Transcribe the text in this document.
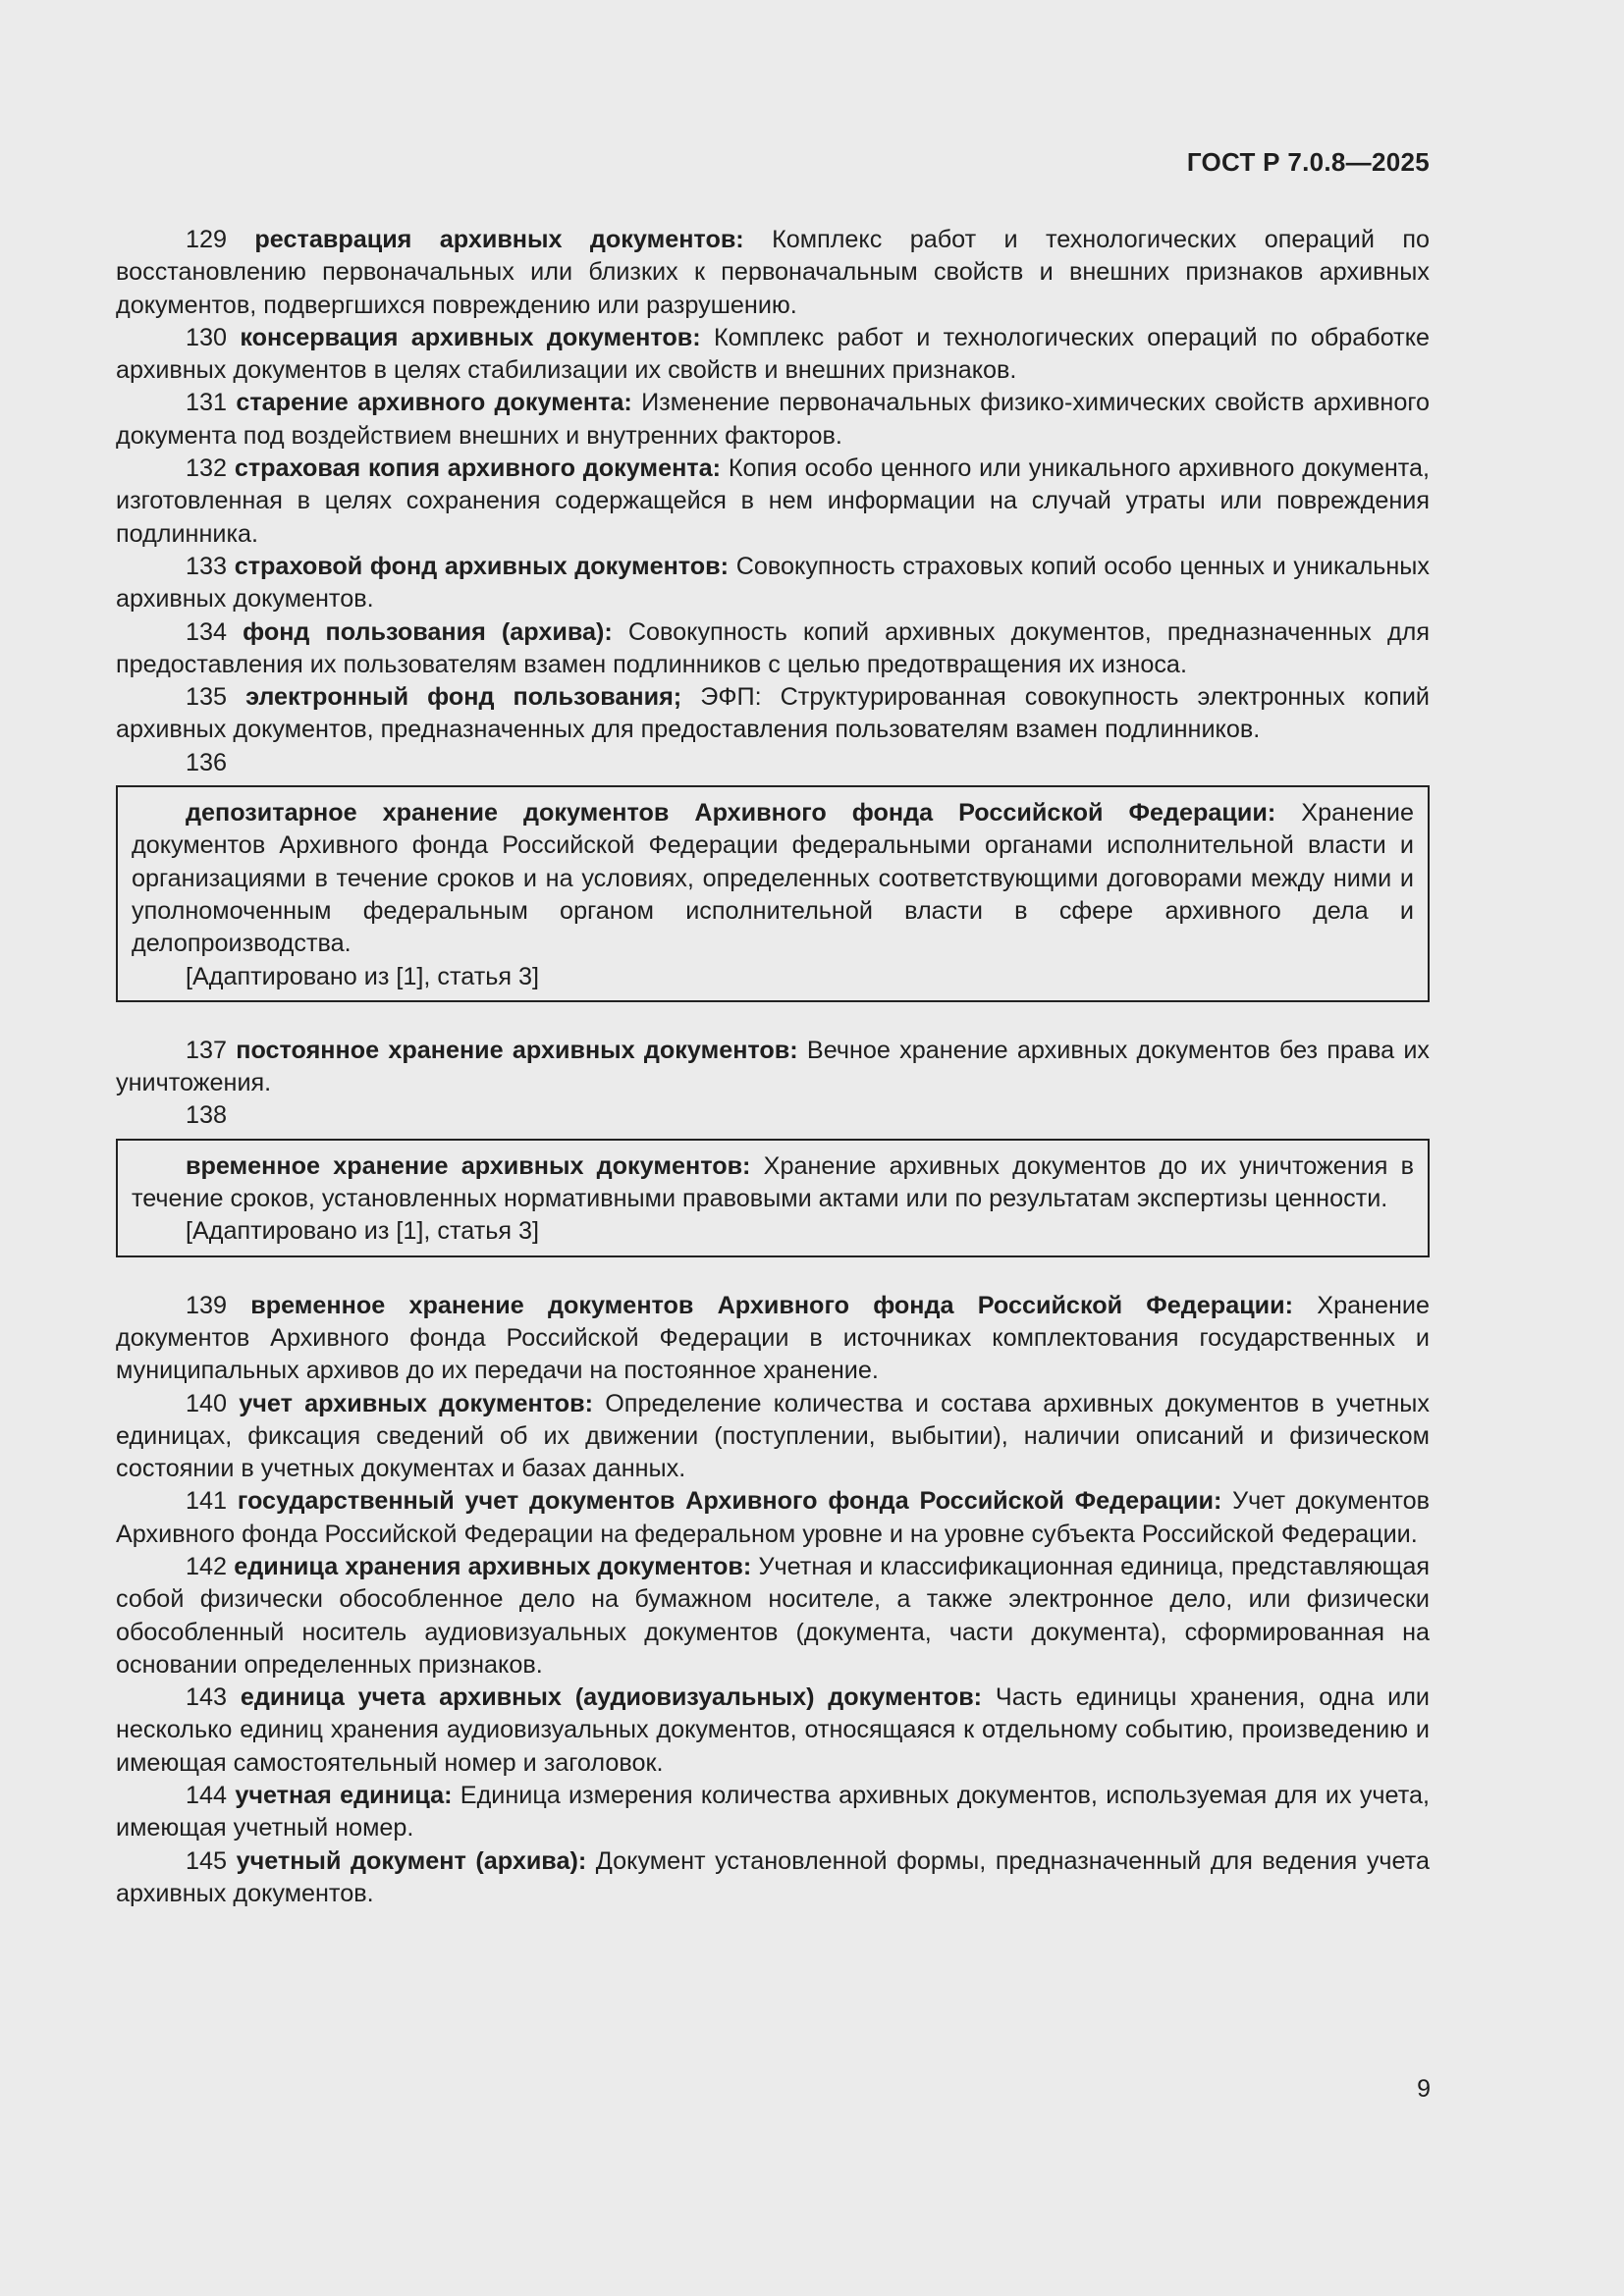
ГОСТ Р 7.0.8—2025

129 реставрация архивных документов: Комплекс работ и технологических операций по восстановлению первоначальных или близких к первоначальным свойств и внешних признаков архивных документов, подвергшихся повреждению или разрушению.

130 консервация архивных документов: Комплекс работ и технологических операций по обработке архивных документов в целях стабилизации их свойств и внешних признаков.

131 старение архивного документа: Изменение первоначальных физико-химических свойств архивного документа под воздействием внешних и внутренних факторов.

132 страховая копия архивного документа: Копия особо ценного или уникального архивного документа, изготовленная в целях сохранения содержащейся в нем информации на случай утраты или повреждения подлинника.

133 страховой фонд архивных документов: Совокупность страховых копий особо ценных и уникальных архивных документов.

134 фонд пользования (архива): Совокупность копий архивных документов, предназначенных для предоставления их пользователям взамен подлинников с целью предотвращения их износа.

135 электронный фонд пользования; ЭФП: Структурированная совокупность электронных копий архивных документов, предназначенных для предоставления пользователям взамен подлинников.

136

депозитарное хранение документов Архивного фонда Российской Федерации: Хранение документов Архивного фонда Российской Федерации федеральными органами исполнительной власти и организациями в течение сроков и на условиях, определенных соответствующими договорами между ними и уполномоченным федеральным органом исполнительной власти в сфере архивного дела и делопроизводства.

[Адаптировано из [1], статья 3]

137 постоянное хранение архивных документов: Вечное хранение архивных документов без права их уничтожения.

138

временное хранение архивных документов: Хранение архивных документов до их уничтожения в течение сроков, установленных нормативными правовыми актами или по результатам экспертизы ценности.

[Адаптировано из [1], статья 3]

139 временное хранение документов Архивного фонда Российской Федерации: Хранение документов Архивного фонда Российской Федерации в источниках комплектования государственных и муниципальных архивов до их передачи на постоянное хранение.

140 учет архивных документов: Определение количества и состава архивных документов в учетных единицах, фиксация сведений об их движении (поступлении, выбытии), наличии описаний и физическом состоянии в учетных документах и базах данных.

141 государственный учет документов Архивного фонда Российской Федерации: Учет документов Архивного фонда Российской Федерации на федеральном уровне и на уровне субъекта Российской Федерации.

142 единица хранения архивных документов: Учетная и классификационная единица, представляющая собой физически обособленное дело на бумажном носителе, а также электронное дело, или физически обособленный носитель аудиовизуальных документов (документа, части документа), сформированная на основании определенных признаков.

143 единица учета архивных (аудиовизуальных) документов: Часть единицы хранения, одна или несколько единиц хранения аудиовизуальных документов, относящаяся к отдельному событию, произведению и имеющая самостоятельный номер и заголовок.

144 учетная единица: Единица измерения количества архивных документов, используемая для их учета, имеющая учетный номер.

145 учетный документ (архива): Документ установленной формы, предназначенный для ведения учета архивных документов.

9
